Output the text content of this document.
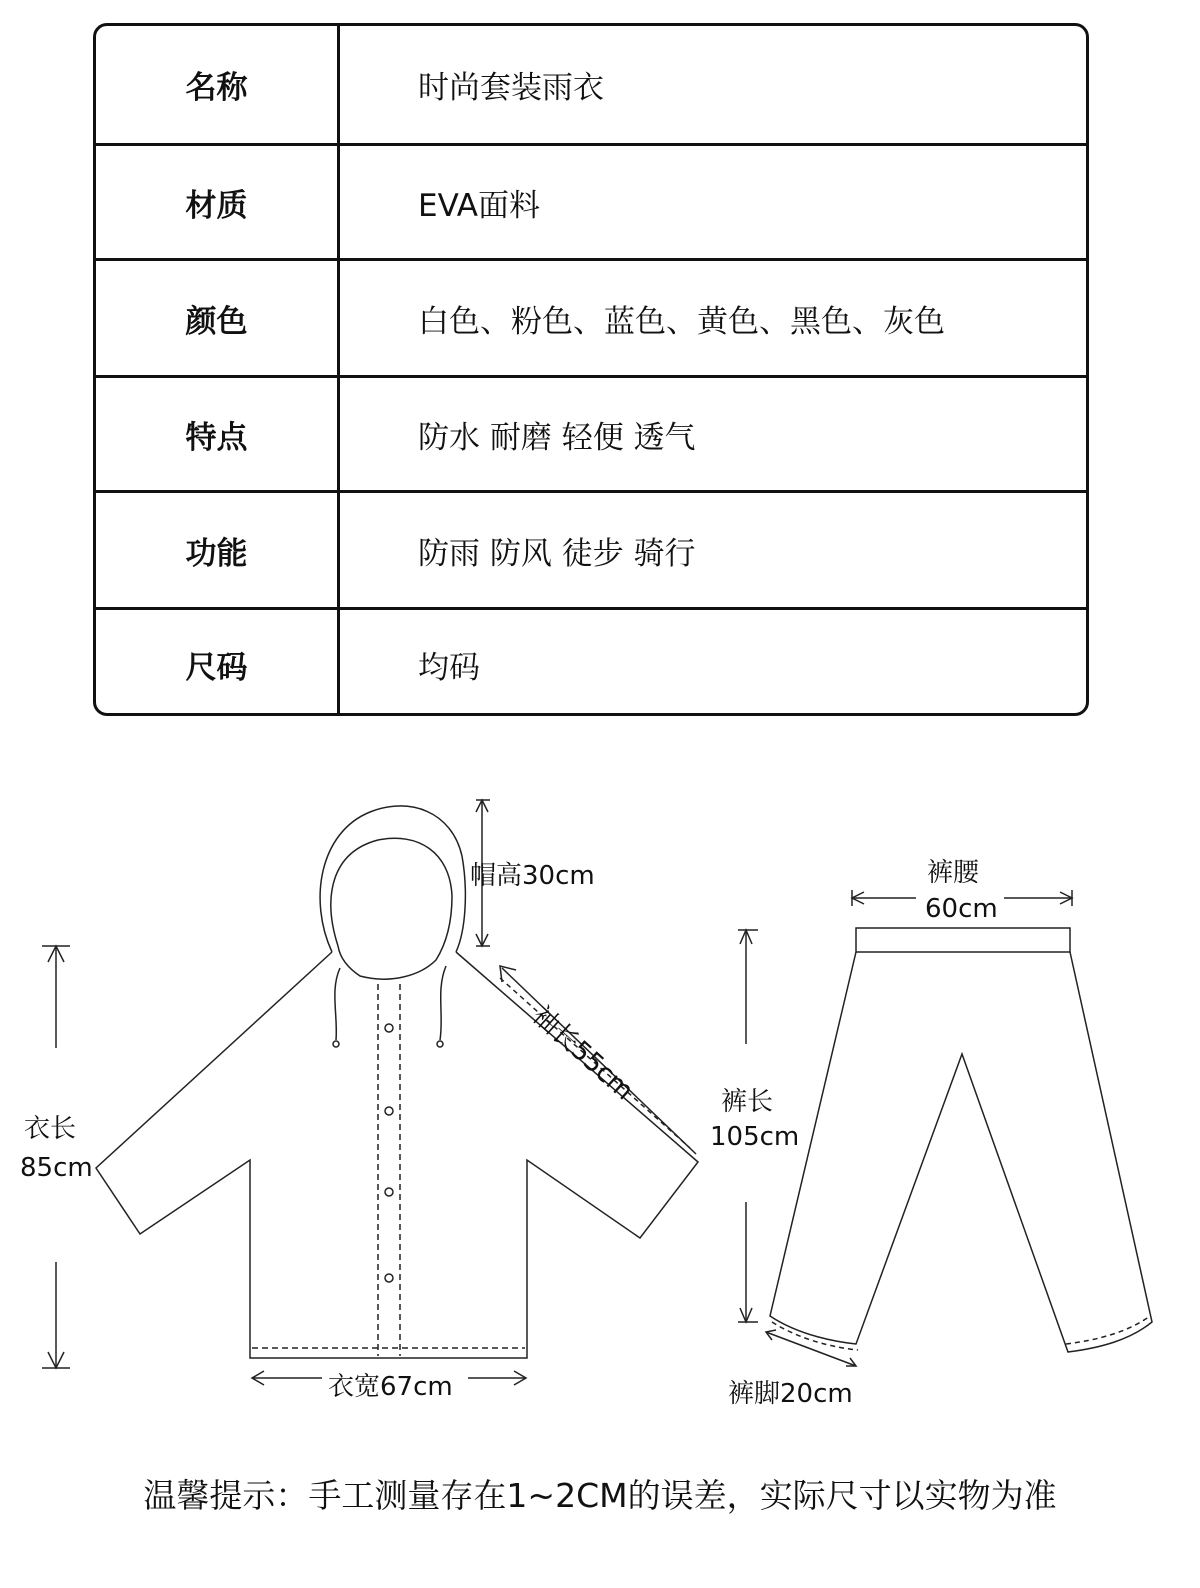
名称	时尚套装雨衣
材质	EVA面料
颜色	白色、粉色、蓝色、黄色、黑色、灰色
特点	防水 耐磨 轻便 透气
功能	防雨 防风 徒步 骑行
尺码	均码
帽高30cm
袖长55cm
衣长
85cm
衣宽67cm
裤腰
60cm
裤长
105cm
裤脚20cm
温馨提示：手工测量存在1~2CM的误差，实际尺寸以实物为准
